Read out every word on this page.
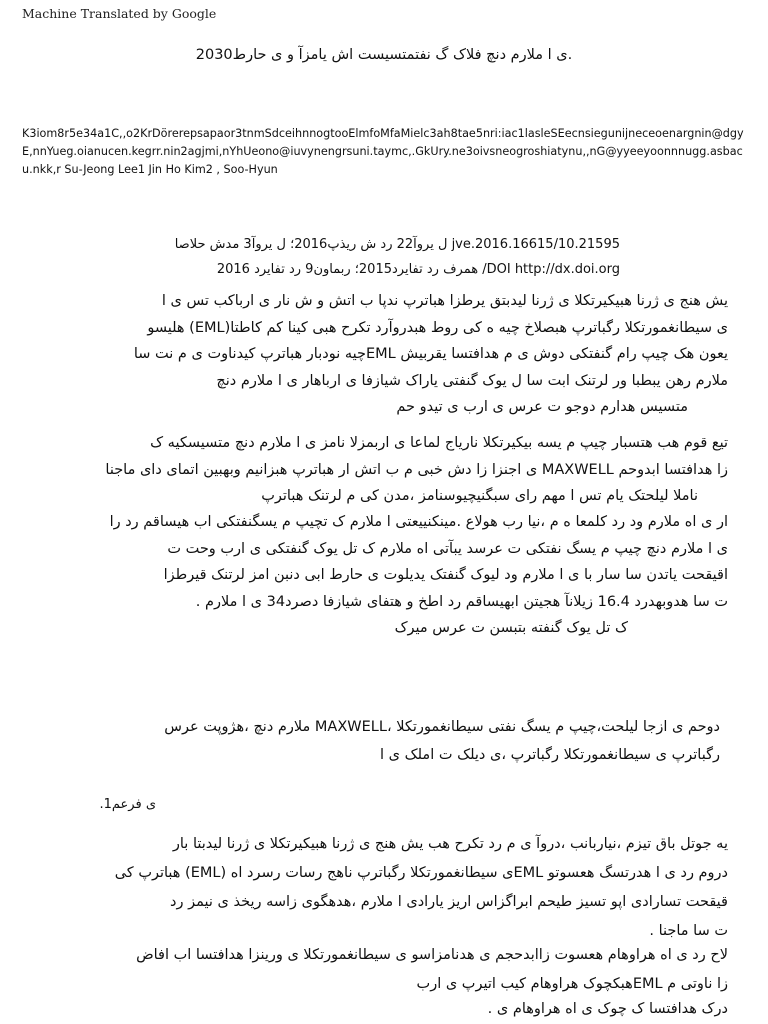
Machine Translated by Google
ی ا ملارم دنچ فلاک گ نفتمتسیست اش یامزآ و ی حارط2030.
K3iom8r5e34a1C,,o2KrDörerepsapaor3tnmSdceihnnogtooElmfoMfaMielc3ah8tae5nri:iac1lasleSEecnsiegunijneceoenargnin@dgyE,nnYueg.oianucen.kegrr.nin2agjmi,nYhUeono@iuvynengrsuni.taymc,.GkUry.ne3oivsneogroshiatynu,,nG@yyeeyoonnnugg.asbacu.nkk,r Su-Jeong Lee1 Jin Ho Kim2 , Soo-Hyun
10.21595/jve.2016.16615 ل یروآ22 رد ش ریذپ2016؛ ل یروآ3 مدش حلاصا
DOI http://dx.doi.org/ همرف رد تفایرد2015؛ ربماون9 رد تفایرد 2016
یش هنج ی ژرنا هبیکیرتکلا ی ژرنا لیدبتق یرطزا هباترپ ندپا ب اتش و ش نار ی ارباکب تس ی ا
ی سیطانغمورتکلا رگباترپ هبصلاخ چیه ه کی روط هبدروآرد تکرح هبی کینا کم کاطتا(EML) هلیسو
یعون هک چیپ رام گنفتکی دوش ی م هدافتسا یقربیش EMLچیه نودبار هباترپ کیدناوت ی م نت سا
ملارم رهن یبطبا ور لرتنک ابت سا ل یوک گنفتی یاراک شیازفا ی ارباهار ی ا ملارم دنچ
متسیس هدارم دوجو ت عرس ی ارب ی تیدو حم
تیع قوم هب هتسبار چیپ م یسه بیکیرتکلا ناریاج لماعا ی اربمزلا نامز ی ا ملارم دنچ متسیسکیه ک
زا هدافتسا ابدوحم MAXWELL ی اجنزا زا دش خبی م ب اتش ار هباترپ هبزانیم وبهبین اتمای دای ماجنا
ناملا لیلحتک یام تس ا مهم رای سبگنیچیوسنامز ،مدن کی م لرتنک هباترپ
ار ی اه ملارم ود رد کلمعا ه م ،نیا رب هولاع .مینکنییعتی ا ملارم ک تچیپ م یسگنفتکی اب هیساقم رد را
ی ا ملارم دنچ چیپ م یسگ نفتکی ت عرسد یبآتی اه ملارم ک تل یوک گنفتکی ی ارب وحت ت
اقیقحت یاتدن سا سار با ی ا ملارم ود لیوک گنفتک یدیلوت ی حارط ابی دنبن امز لرتنک قیرطزا
ت سا هدوبهدرد 16.4 زیلانآ هجیتن ابهیساقم رد اطخ و هتفای شیازفا دصرد34 ی ا ملارم .
ک تل یوک گنفته بتبسن ت عرس میرک
دوحم ی ازجا لیلحت،چیپ م یسگ نفتی سیطانغمورتکلا ،MAXWELL ملارم دنچ ،هژوپت عرس
رگباترپ ی سیطانغمورتکلا رگباترپ ،ی دیلک ت املک ی ا
ی فرعم1.
یه جوتل باق تیزم ،نیاربانب ،دروآ ی م رد تکرح هب یش هنج ی ژرنا هبیکیرتکلا ی ژرنا لیدبتا بار
دروم رد ی ا هدرتسگ هعسوتو EMLی سیطانغمورتکلا رگباترپ ناهج رسات رسرد اه (EML) هباترپ کی
قیقحت تسارادی اپو تسیز طیحم ابراگزاس اریز یارادی ا ملارم ،هدهگوی زاسه ریخذ ی نیمز رد
ت سا ماجنا .
لاح رد ی اه هراوهام هعسوت زاابدحجم ی هدنامزاسو ی سیطانغمورتکلا ی ورینزا هدافتسا اب افاض
زا ناوتی م EMLهبکچوک هراوهام کیب اتیرپ ی ارب
درک هدافتسا ک چوک ی اه هراوهام ی .
